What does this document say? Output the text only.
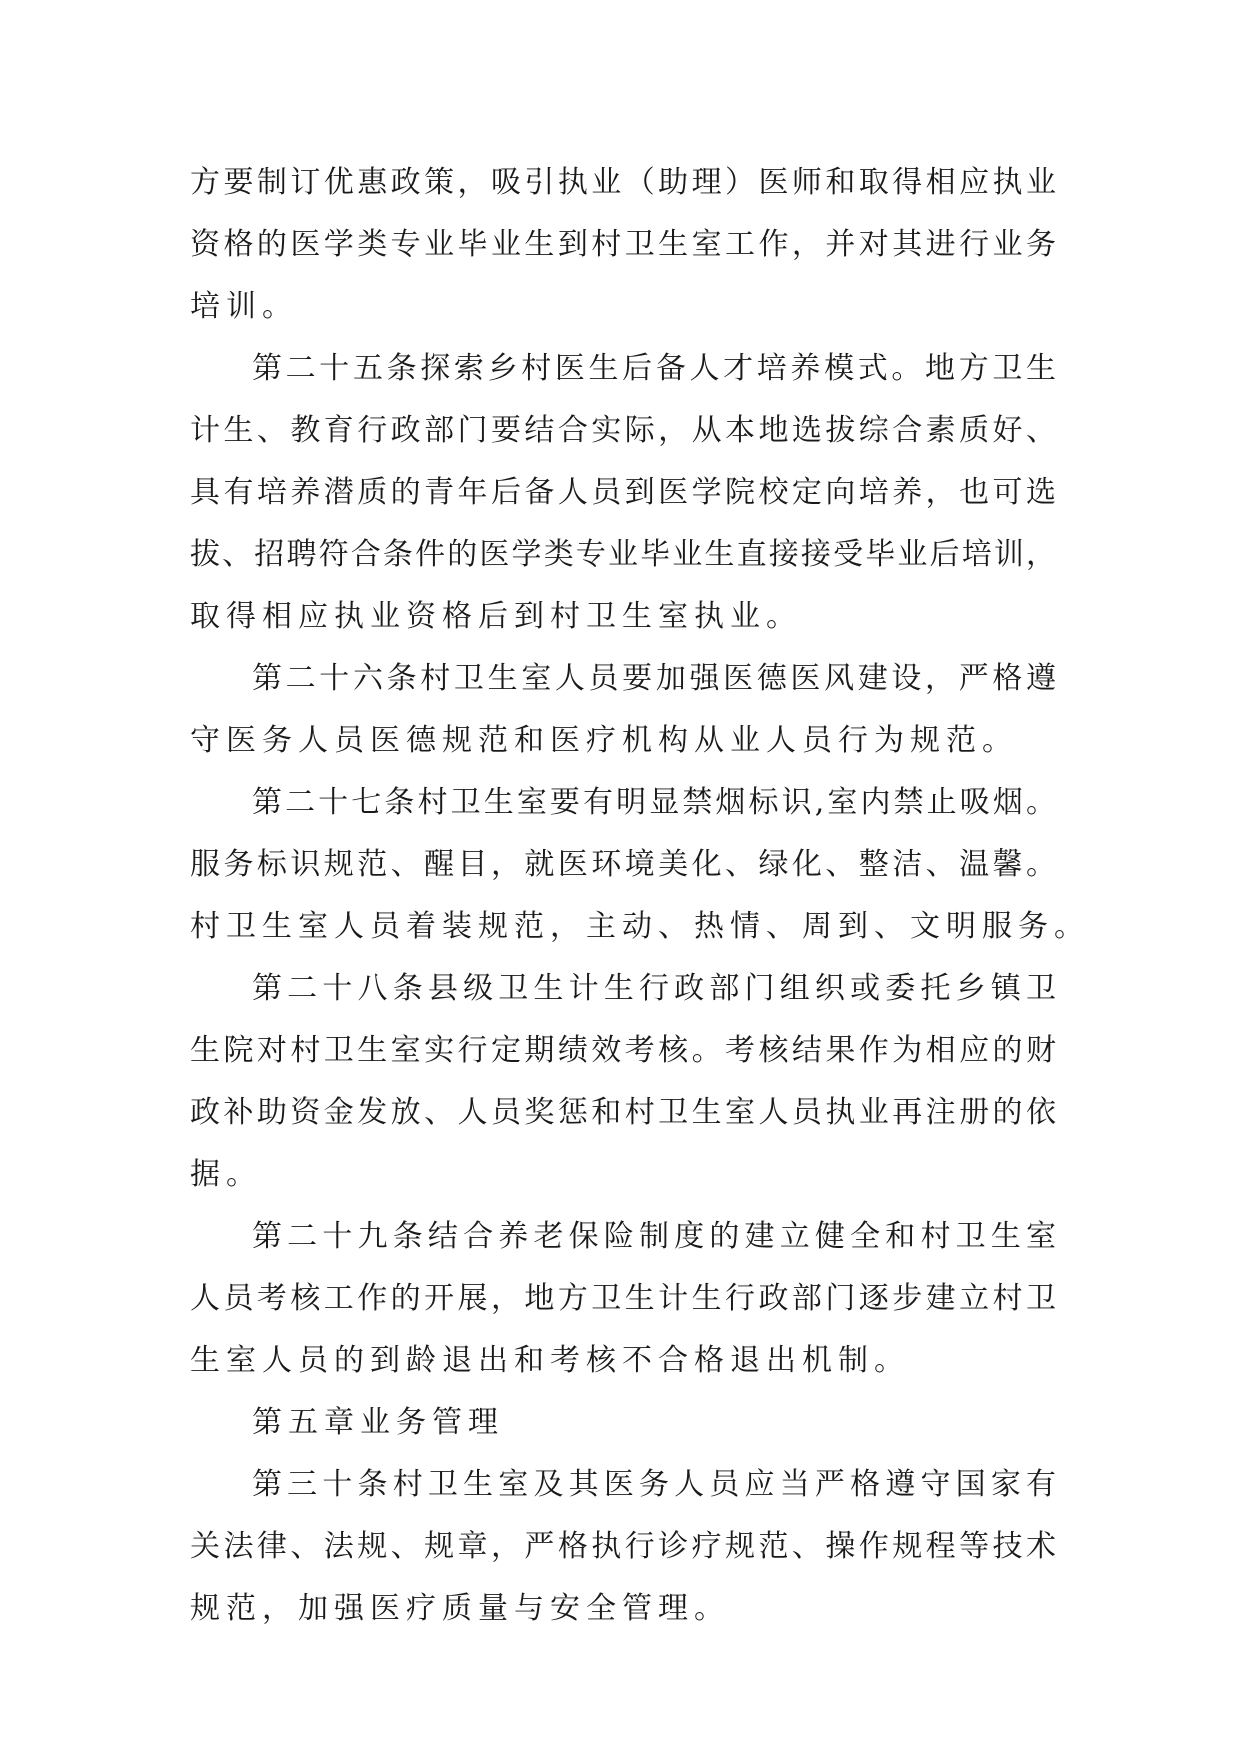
方要制订优惠政策，吸引执业（助理）医师和取得相应执业
资格的医学类专业毕业生到村卫生室工作，并对其进行业务
培训。
第二十五条探索乡村医生后备人才培养模式。地方卫生
计生、教育行政部门要结合实际，从本地选拔综合素质好、
具有培养潜质的青年后备人员到医学院校定向培养，也可选
拔、招聘符合条件的医学类专业毕业生直接接受毕业后培训，
取得相应执业资格后到村卫生室执业。
第二十六条村卫生室人员要加强医德医风建设，严格遵
守医务人员医德规范和医疗机构从业人员行为规范。
第二十七条村卫生室要有明显禁烟标识,室内禁止吸烟。
服务标识规范、醒目，就医环境美化、绿化、整洁、温馨。
村卫生室人员着装规范，主动、热情、周到、文明服务。
第二十八条县级卫生计生行政部门组织或委托乡镇卫
生院对村卫生室实行定期绩效考核。考核结果作为相应的财
政补助资金发放、人员奖惩和村卫生室人员执业再注册的依
据。
第二十九条结合养老保险制度的建立健全和村卫生室
人员考核工作的开展，地方卫生计生行政部门逐步建立村卫
生室人员的到龄退出和考核不合格退出机制。
第五章业务管理
第三十条村卫生室及其医务人员应当严格遵守国家有
关法律、法规、规章，严格执行诊疗规范、操作规程等技术
规范，加强医疗质量与安全管理。
